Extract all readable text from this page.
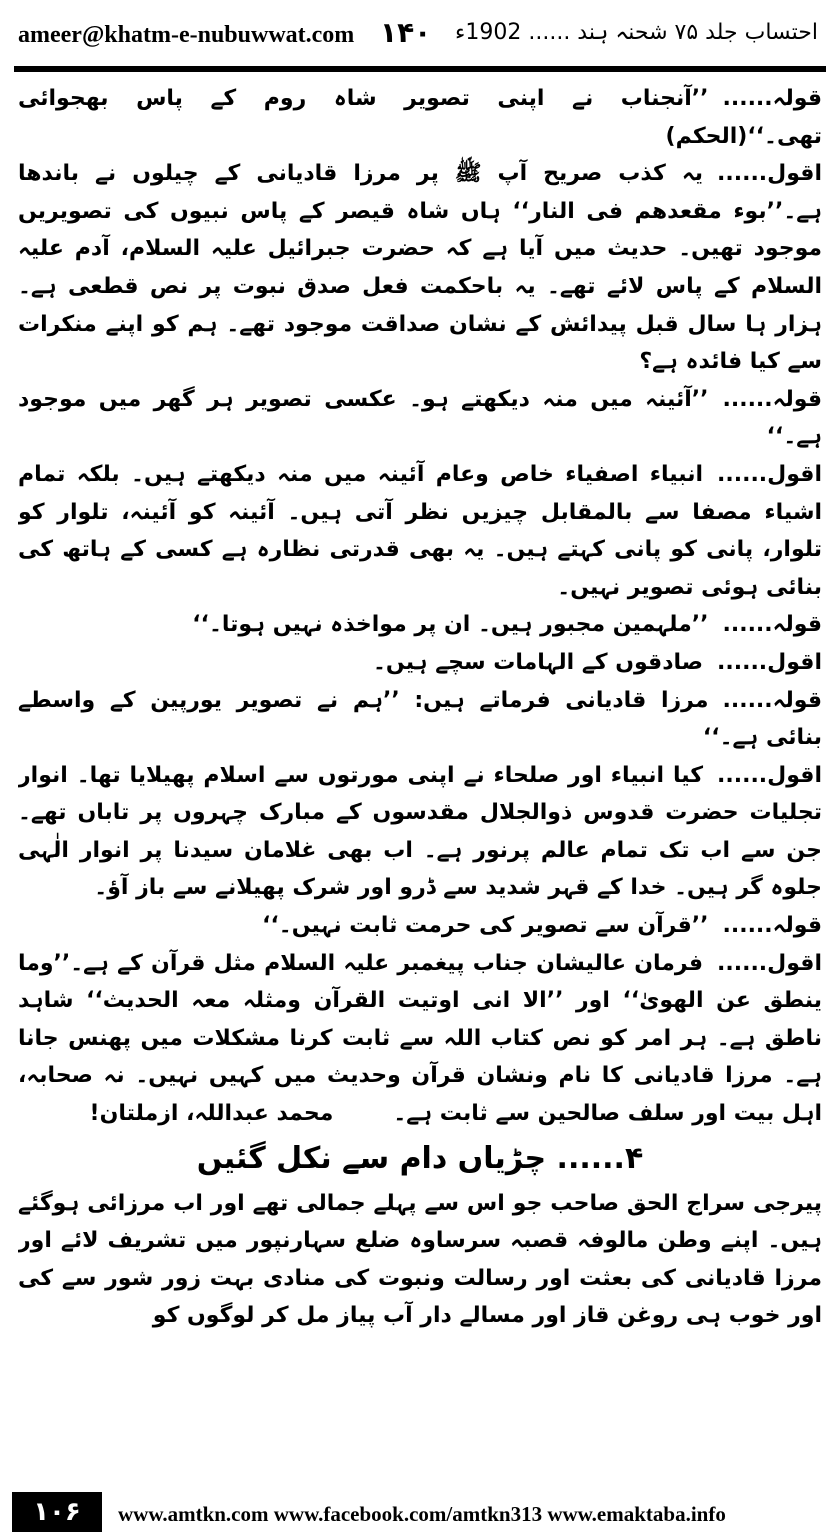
ameer@khatm-e-nubuwwat.com ۱۴۰ احتساب جلد ۷۵ شحنہ ہند ...... 1902ء

قولہ......’’آنجناب نے اپنی تصویر شاہ روم کے پاس بھجوائی تھی۔‘‘(الحکم)

اقول......یہ کذب صریح آپ ﷺ پر مرزا قادیانی کے چیلوں نے باندھا ہے۔’’بوء مقعدھم فی النار‘‘ ہاں شاہ قیصر کے پاس نبیوں کی تصویریں موجود تھیں۔ حدیث میں آیا ہے کہ حضرت جبرائیل علیہ السلام، آدم علیہ السلام کے پاس لائے تھے۔ یہ باحکمت فعل صدق نبوت پر نص قطعی ہے۔ ہزار ہا سال قبل پیدائش کے نشان صداقت موجود تھے۔ ہم کو اپنے منکرات سے کیا فائدہ ہے؟

قولہ......’’آئینہ میں منہ دیکھتے ہو۔ عکسی تصویر ہر گھر میں موجود ہے۔‘‘

اقول......انبیاء اصفیاء خاص وعام آئینہ میں منہ دیکھتے ہیں۔ بلکہ تمام اشیاء مصفا سے بالمقابل چیزیں نظر آتی ہیں۔ آئینہ کو آئینہ، تلوار کو تلوار، پانی کو پانی کہتے ہیں۔ یہ بھی قدرتی نظارہ ہے کسی کے ہاتھ کی بنائی ہوئی تصویر نہیں۔

قولہ......’’ملہمین مجبور ہیں۔ ان پر مواخذہ نہیں ہوتا۔‘‘

اقول......صادقوں کے الہامات سچے ہیں۔

قولہ......مرزا قادیانی فرماتے ہیں: ’’ہم نے تصویر یورپین کے واسطے بنائی ہے۔‘‘

اقول......کیا انبیاء اور صلحاء نے اپنی مورتوں سے اسلام پھیلایا تھا۔ انوار تجلیات حضرت قدوس ذوالجلال مقدسوں کے مبارک چہروں پر تاباں تھے۔ جن سے اب تک تمام عالم پرنور ہے۔ اب بھی غلامان سیدنا پر انوار الٰہی جلوہ گر ہیں۔ خدا کے قہر شدید سے ڈرو اور شرک پھیلانے سے باز آؤ۔

قولہ......’’قرآن سے تصویر کی حرمت ثابت نہیں۔‘‘

اقول......فرمان عالیشان جناب پیغمبر علیہ السلام مثل قرآن کے ہے۔’’وما ینطق عن الھویٰ‘‘ اور ’’الا انی اوتیت القرآن ومثلہ معہ الحدیث‘‘ شاہد ناطق ہے۔ ہر امر کو نص کتاب اللہ سے ثابت کرنا مشکلات میں پھنس جانا ہے۔ مرزا قادیانی کا نام ونشان قرآن وحدیث میں کہیں نہیں۔ نہ صحابہ، اہل بیت اور سلف صالحین سے ثابت ہے۔محمد عبداللہ، ازملتان!

۴...... چڑیاں دام سے نکل گئیں

پیرجی سراج الحق صاحب جو اس سے پہلے جمالی تھے اور اب مرزائی ہوگئے ہیں۔ اپنے وطن مالوفہ قصبہ سرساوہ ضلع سہارنپور میں تشریف لائے اور مرزا قادیانی کی بعثت اور رسالت ونبوت کی منادی بہت زور شور سے کی اور خوب ہی روغن قاز اور مسالے دار آب پیاز مل کر لوگوں کو

۱۰۶	www.amtkn.com www.facebook.com/amtkn313 www.emaktaba.info
